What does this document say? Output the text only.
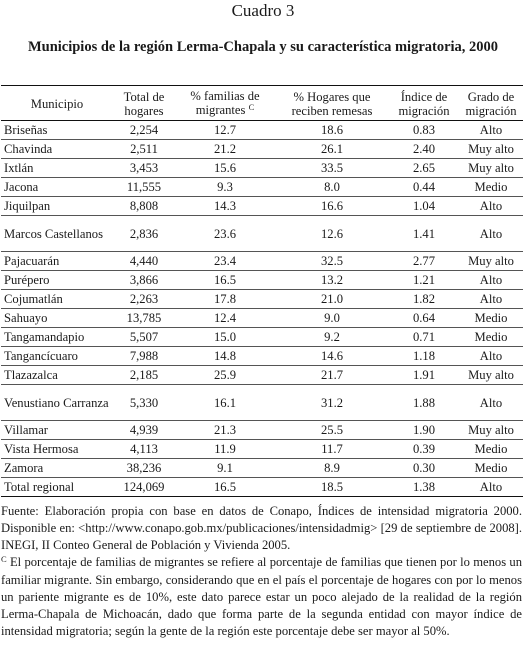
Cuadro 3
Municipios de la región Lerma-Chapala y su característica migratoria, 2000
Municipio	Total de hogares	% familias de migrantes $^C$	% Hogares que reciben remesas	Índice de migración	Grado de migración
Briseñas	2,254	12.7	18.6	0.83	Alto
Chavinda	2,511	21.2	26.1	2.40	Muy alto
Ixtlán	3,453	15.6	33.5	2.65	Muy alto
Jacona	11,555	9.3	8.0	0.44	Medio
Jiquilpan	8,808	14.3	16.6	1.04	Alto
Marcos Castellanos	2,836	23.6	12.6	1.41	Alto
Pajacuarán	4,440	23.4	32.5	2.77	Muy alto
Purépero	3,866	16.5	13.2	1.21	Alto
Cojumatlán	2,263	17.8	21.0	1.82	Alto
Sahuayo	13,785	12.4	9.0	0.64	Medio
Tangamandapio	5,507	15.0	9.2	0.71	Medio
Tangancícuaro	7,988	14.8	14.6	1.18	Alto
Tlazazalca	2,185	25.9	21.7	1.91	Muy alto
Venustiano Carranza	5,330	16.1	31.2	1.88	Alto
Villamar	4,939	21.3	25.5	1.90	Muy alto
Vista Hermosa	4,113	11.9	11.7	0.39	Medio
Zamora	38,236	9.1	8.9	0.30	Medio
Total regional	124,069	16.5	18.5	1.38	Alto

Fuente: Elaboración propia con base en datos de Conapo, Índices de intensidad migratoria 2000. Disponible en: <http://www.conapo.gob.mx/publicaciones/intensidadmig> [29 de septiembre de 2008]. INEGI, II Conteo General de Población y Vivienda 2005.

$^C$ El porcentaje de familias de migrantes se refiere al porcentaje de familias que tienen por lo menos un familiar migrante. Sin embargo, considerando que en el país el porcentaje de hogares con por lo menos un pariente migrante es de 10%, este dato parece estar un poco alejado de la realidad de la región Lerma-Chapala de Michoacán, dado que forma parte de la segunda entidad con mayor índice de intensidad migratoria; según la gente de la región este porcentaje debe ser mayor al 50%.
